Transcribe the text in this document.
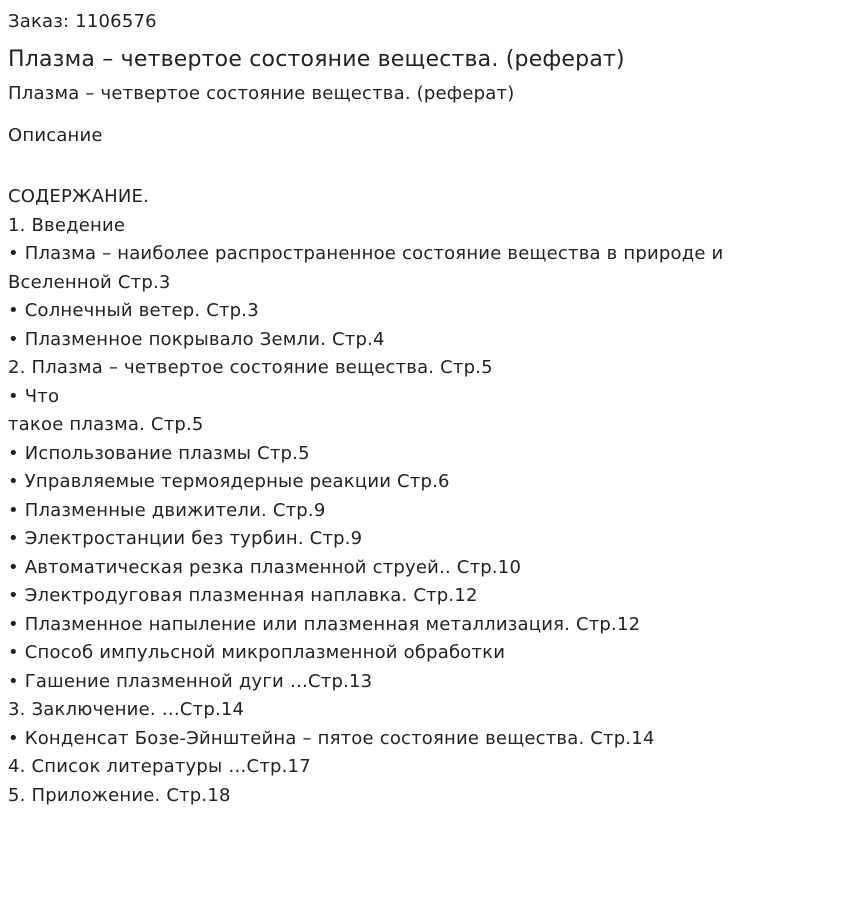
Заказ: 1106576

Плазма – четвертое состояние вещества. (реферат)

Плазма – четвертое состояние вещества. (реферат)

Описание

СОДЕРЖАНИЕ.
1. Введение
• Плазма – наиболее распространенное состояние вещества в природе и
Вселенной Стр.3
• Солнечный ветер. Стр.3
• Плазменное покрывало Земли. Стр.4
2. Плазма – четвертое состояние вещества. Стр.5
• Что
такое плазма. Стр.5
• Использование плазмы Стр.5
• Управляемые термоядерные реакции Стр.6
• Плазменные движители. Стр.9
• Электростанции без турбин. Стр.9
• Автоматическая резка плазменной струей.. Стр.10
• Электродуговая плазменная наплавка. Стр.12
• Плазменное напыление или плазменная металлизация. Стр.12
• Способ импульсной микроплазменной обработки
• Гашение плазменной дуги …Стр.13
3. Заключение. …Стр.14
• Конденсат Бозе-Эйнштейна – пятое состояние вещества. Стр.14
4. Список литературы …Стр.17
5. Приложение. Стр.18
